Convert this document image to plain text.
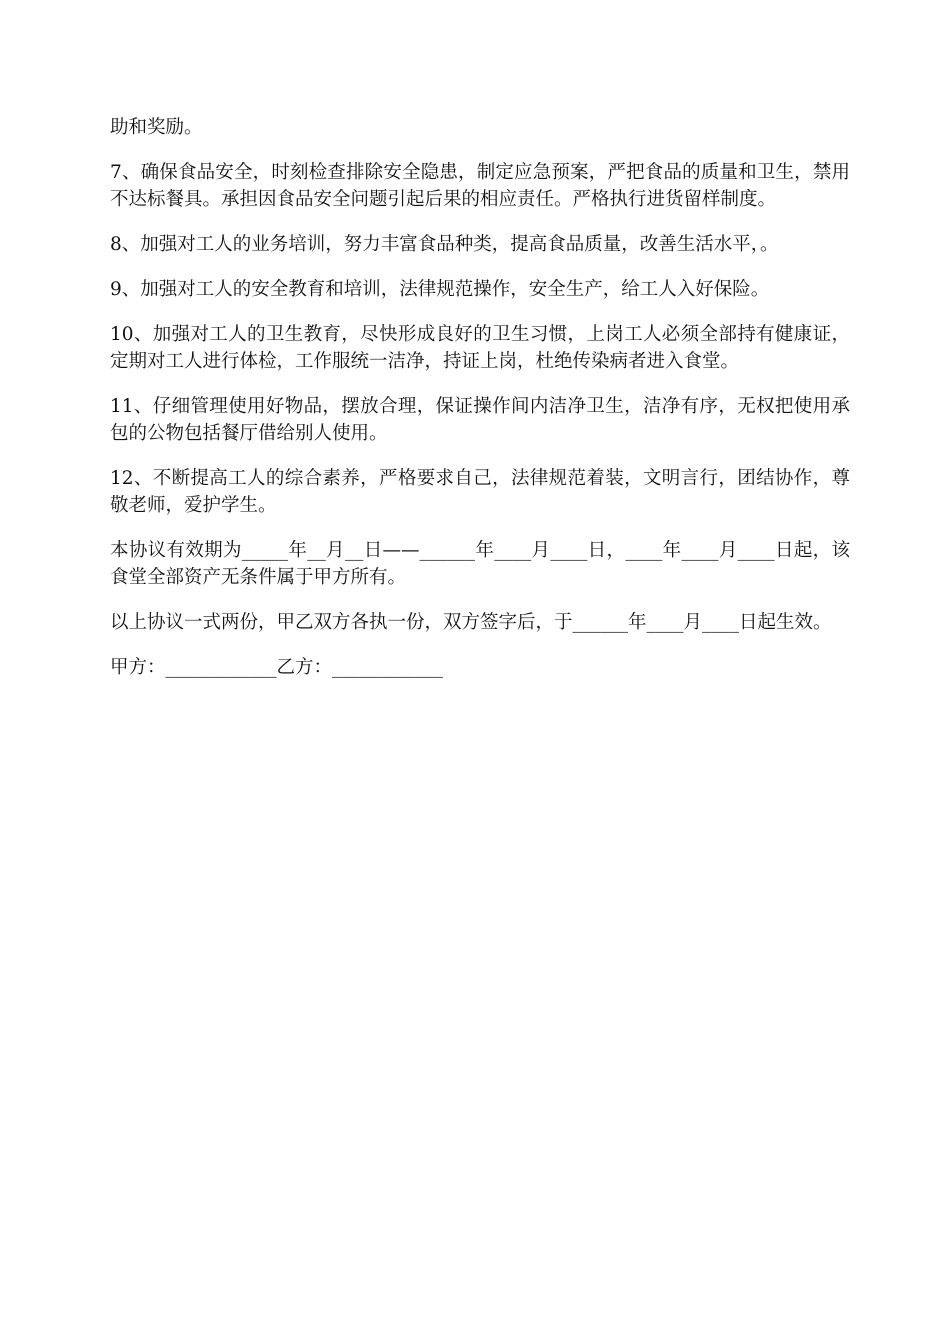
助和奖励。

7、确保食品安全，时刻检查排除安全隐患，制定应急预案，严把食品的质量和卫生，禁用不达标餐具。承担因食品安全问题引起后果的相应责任。严格执行进货留样制度。

8、加强对工人的业务培训，努力丰富食品种类，提高食品质量，改善生活水平，。

9、加强对工人的安全教育和培训，法律规范操作，安全生产，给工人入好保险。

10、加强对工人的卫生教育，尽快形成良好的卫生习惯，上岗工人必须全部持有健康证，定期对工人进行体检，工作服统一洁净，持证上岗，杜绝传染病者进入食堂。

11、仔细管理使用好物品，摆放合理，保证操作间内洁净卫生，洁净有序，无权把使用承包的公物包括餐厅借给别人使用。

12、不断提高工人的综合素养，严格要求自己，法律规范着装，文明言行，团结协作，尊敬老师，爱护学生。

本协议有效期为_____年__月__日——______年____月____日，____年____月____日起，该食堂全部资产无条件属于甲方所有。

以上协议一式两份，甲乙双方各执一份，双方签字后，于______年____月____日起生效。

甲方：____________乙方：____________
